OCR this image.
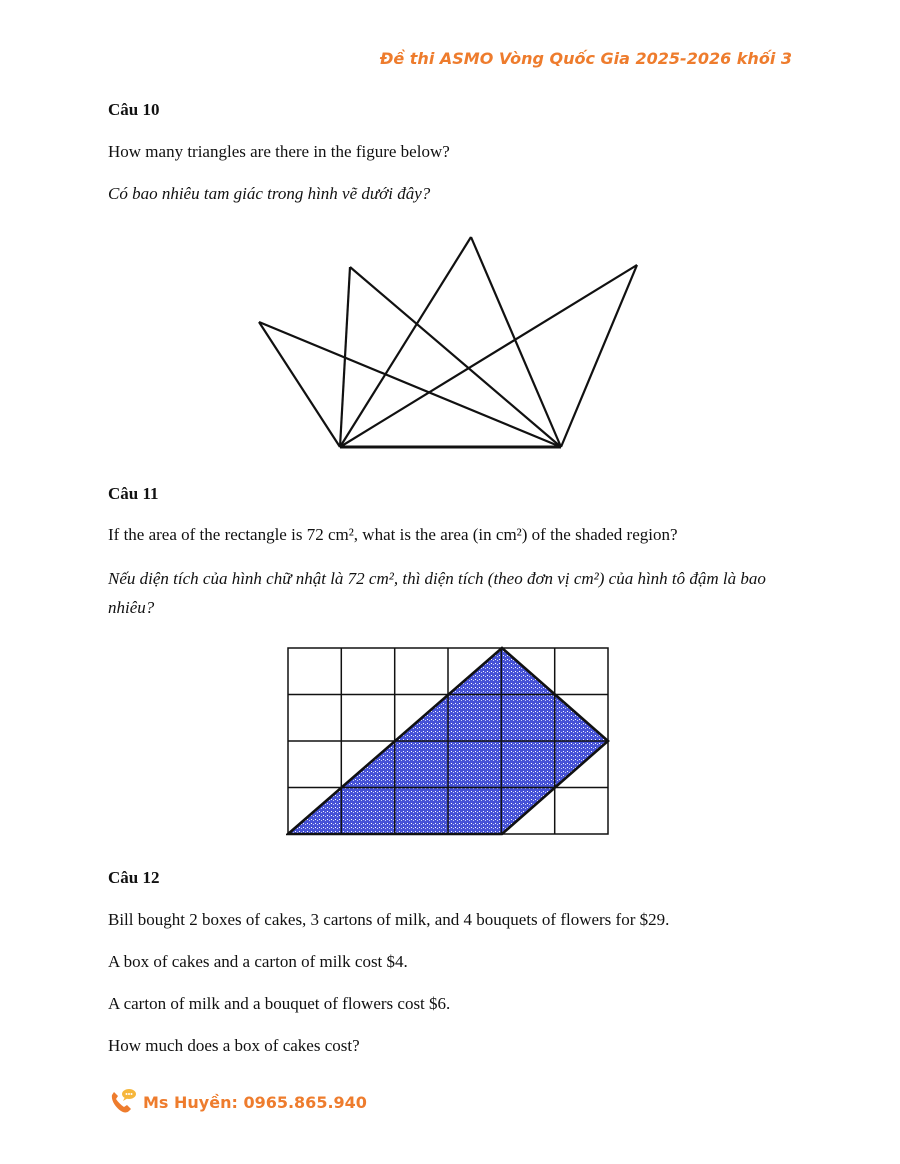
Đề thi ASMO Vòng Quốc Gia 2025-2026 khối 3
Câu 10
How many triangles are there in the figure below?
Có bao nhiêu tam giác trong hình vẽ dưới đây?
Câu 11
If the area of the rectangle is 72 cm², what is the area (in cm²) of the shaded region?
Nếu diện tích của hình chữ nhật là 72 cm², thì diện tích (theo đơn vị cm²) của hình tô đậm là bao nhiêu?
Câu 12
Bill bought 2 boxes of cakes, 3 cartons of milk, and 4 bouquets of flowers for $29.
A box of cakes and a carton of milk cost $4.
A carton of milk and a bouquet of flowers cost $6.
How much does a box of cakes cost?
Ms Huyền: 0965.865.940
